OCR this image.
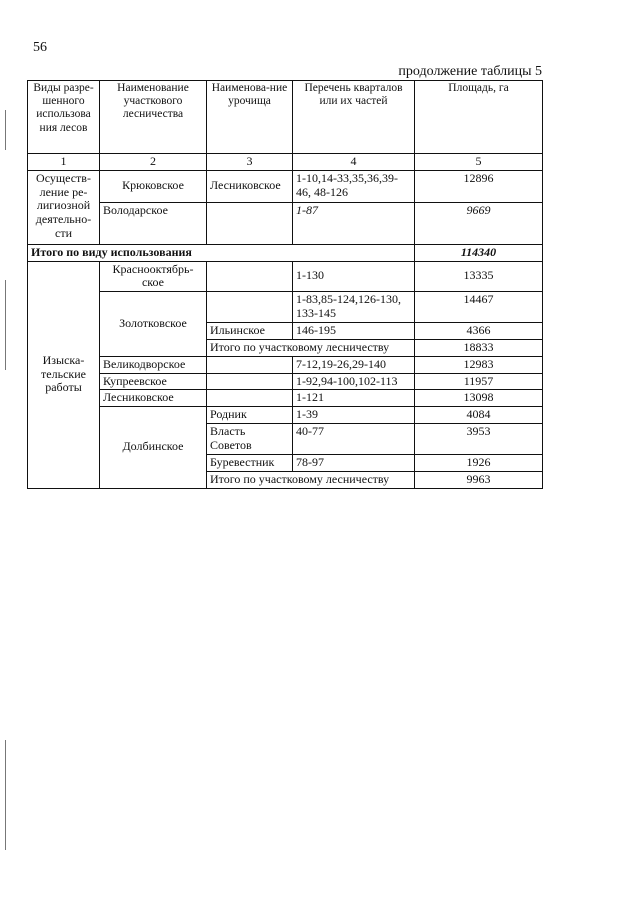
56
продолжение таблицы 5
Виды разре-шенного использова ния лесов	Наименование участкового лесничества	Наименова-ние урочища	Перечень кварталов или их частей	Площадь, га
1	2	3	4	5
Осуществ-ление ре-лигиозной деятельно-сти	Крюковское	Лесниковское	1-10,14-33,35,36,39-46, 48-126	12896
	Володарское		1-87	9669
Итого по виду использования				114340
Изыска-тельские работы	Краснооктябрь-ское		1-130	13335
	Золотковское		1-83,85-124,126-130, 133-145	14467
		Ильинское	146-195	4366
		Итого по участковому лесничеству		18833
	Великодворское		7-12,19-26,29-140	12983
	Купреевское		1-92,94-100,102-113	11957
	Лесниковское		1-121	13098
	Долбинское	Родник	1-39	4084
		Власть Советов	40-77	3953
		Буревестник	78-97	1926
		Итого по участковому лесничеству		9963
